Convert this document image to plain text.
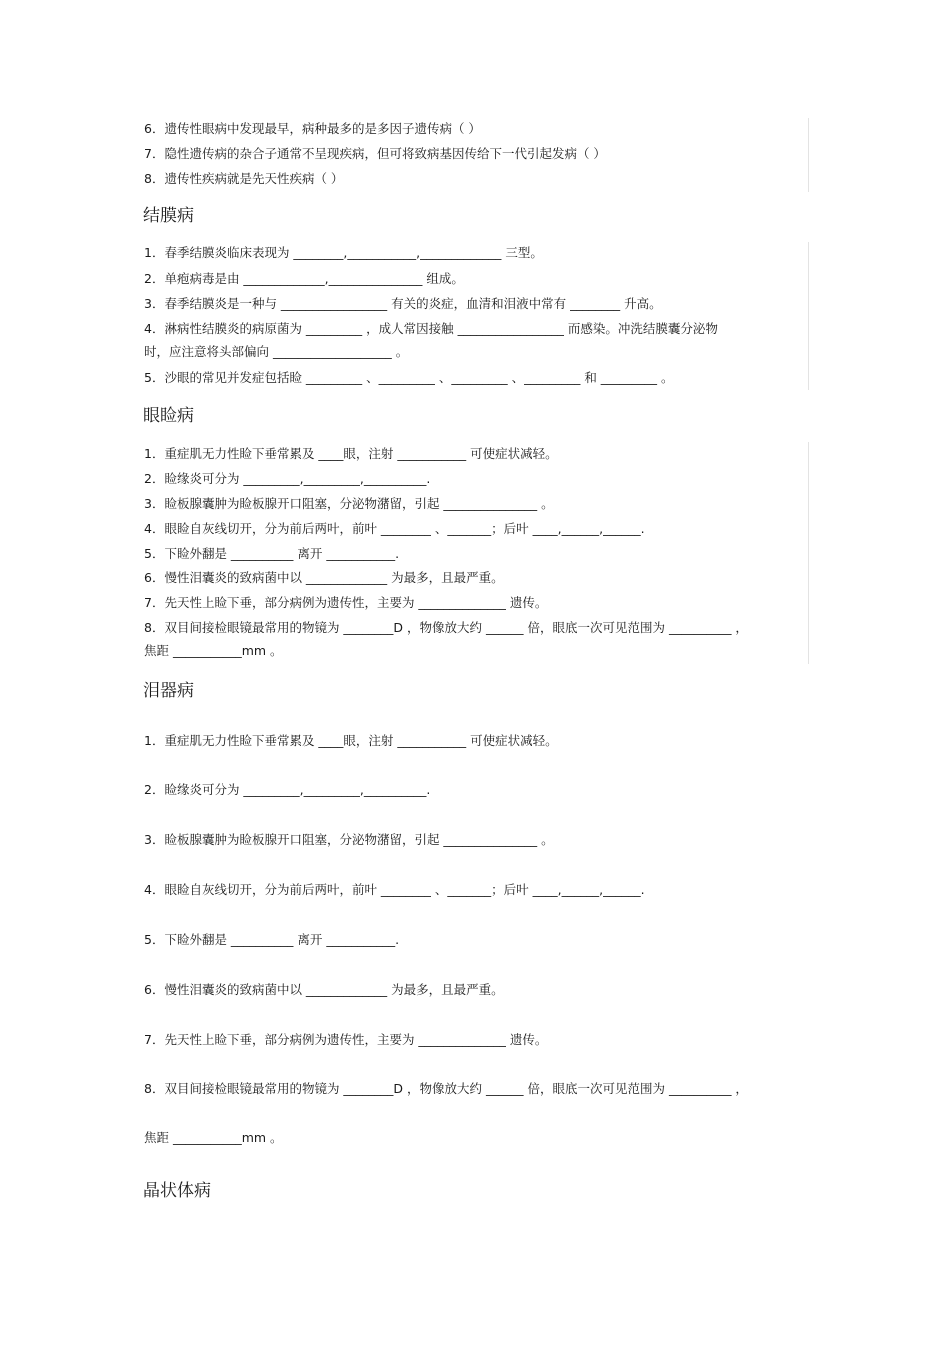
6．遗传性眼病中发现最早，病种最多的是多因子遗传病（ ）
7．隐性遗传病的杂合子通常不呈现疾病，但可将致病基因传给下一代引起发病（ ）
8．遗传性疾病就是先天性疾病（ ）
结膜病
1．春季结膜炎临床表现为 ________,___________,_____________ 三型。
2．单疱病毒是由 _____________,_______________ 组成。
3．春季结膜炎是一种与 _________________ 有关的炎症，血清和泪液中常有 ________ 升高。
4．淋病性结膜炎的病原菌为 _________ ，成人常因接触 _________________ 而感染。冲洗结膜囊分泌物
时，应注意将头部偏向 ___________________ 。
5．沙眼的常见并发症包括睑 _________ 、_________ 、_________ 、_________ 和 _________ 。
眼睑病
1．重症肌无力性睑下垂常累及 ____眼，注射 ___________ 可使症状减轻。
2．睑缘炎可分为 _________,_________,__________.
3．睑板腺囊肿为睑板腺开口阻塞，分泌物潴留，引起 _______________ 。
4．眼睑自灰线切开，分为前后两叶，前叶 ________ 、_______；后叶 ____,______,______.
5．下睑外翻是 __________ 离开 ___________.
6．慢性泪囊炎的致病菌中以 _____________ 为最多，且最严重。
7．先天性上睑下垂，部分病例为遗传性，主要为 ______________ 遗传。
8．双目间接检眼镜最常用的物镜为 ________D ，物像放大约 ______ 倍，眼底一次可见范围为 __________ ，
焦距 ___________mm 。
泪器病
1．重症肌无力性睑下垂常累及 ____眼，注射 ___________ 可使症状减轻。
2．睑缘炎可分为 _________,_________,__________.
3．睑板腺囊肿为睑板腺开口阻塞，分泌物潴留，引起 _______________ 。
4．眼睑自灰线切开，分为前后两叶，前叶 ________ 、_______；后叶 ____,______,______.
5．下睑外翻是 __________ 离开 ___________.
6．慢性泪囊炎的致病菌中以 _____________ 为最多，且最严重。
7．先天性上睑下垂，部分病例为遗传性，主要为 ______________ 遗传。
8．双目间接检眼镜最常用的物镜为 ________D ，物像放大约 ______ 倍，眼底一次可见范围为 __________ ，
焦距 ___________mm 。
晶状体病
